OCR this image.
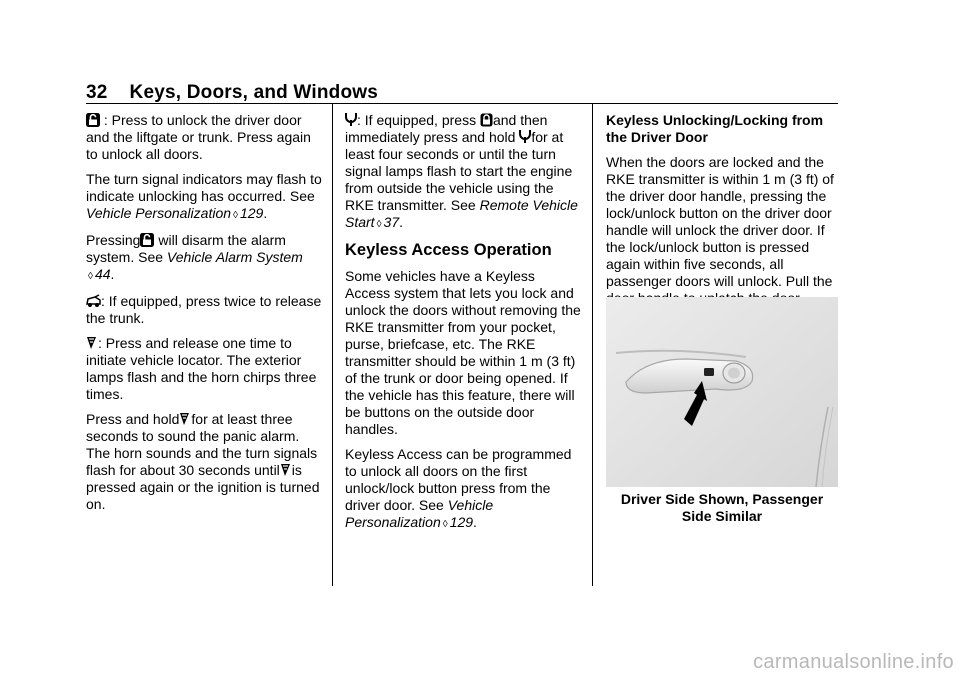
32 Keys, Doors, and Windows

: Press to unlock the driver door and the liftgate or trunk. Press again to unlock all doors.

The turn signal indicators may flash to indicate unlocking has occurred. See Vehicle Personalization ◊ 129.

Pressing will disarm the alarm system. See Vehicle Alarm System
◊ 44.

: If equipped, press twice to release the trunk.

: Press and release one time to initiate vehicle locator. The exterior lamps flash and the horn chirps three times.

Press and hold for at least three seconds to sound the panic alarm. The horn sounds and the turn signals flash for about 30 seconds until is pressed again or the ignition is turned on.

: If equipped, press and then immediately press and hold for at least four seconds or until the turn signal lamps flash to start the engine from outside the vehicle using the RKE transmitter. See Remote Vehicle Start ◊ 37.

Keyless Access Operation

Some vehicles have a Keyless Access system that lets you lock and unlock the doors without removing the RKE transmitter from your pocket, purse, briefcase, etc. The RKE transmitter should be within 1 m (3 ft) of the trunk or door being opened. If the vehicle has this feature, there will be buttons on the outside door handles.

Keyless Access can be programmed to unlock all doors on the first unlock/lock button press from the driver door. See Vehicle Personalization ◊ 129.

Keyless Unlocking/Locking from the Driver Door

When the doors are locked and the RKE transmitter is within 1 m (3 ft) of the driver door handle, pressing the lock/unlock button on the driver door handle will unlock the driver door. If the lock/unlock button is pressed again within five seconds, all passenger doors will unlock. Pull the

Driver Side Shown, Passenger Side Similar
carmanualsonline.info
